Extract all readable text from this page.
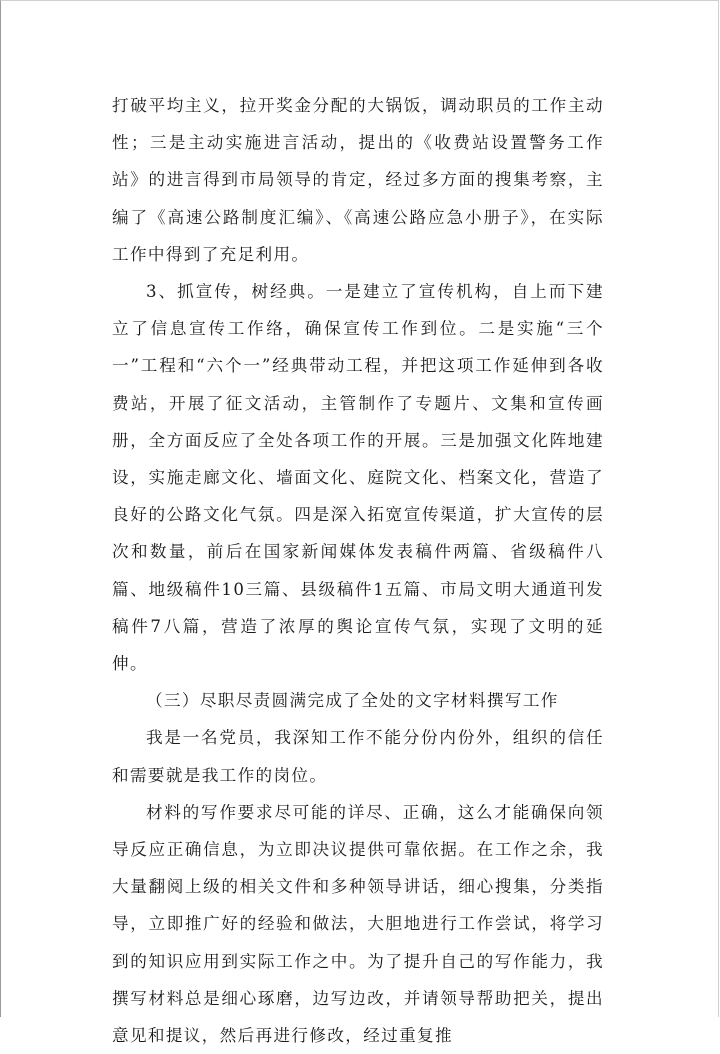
打破平均主义，拉开奖金分配的大锅饭，调动职员的工作主动性；三是主动实施进言活动，提出的《收费站设置警务工作站》的进言得到市局领导的肯定，经过多方面的搜集考察，主编了《高速公路制度汇编》、《高速公路应急小册子》，在实际工作中得到了充足利用。

3、抓宣传，树经典。一是建立了宣传机构，自上而下建立了信息宣传工作络，确保宣传工作到位。二是实施“三个一”工程和“六个一”经典带动工程，并把这项工作延伸到各收费站，开展了征文活动，主管制作了专题片、文集和宣传画册，全方面反应了全处各项工作的开展。三是加强文化阵地建设，实施走廊文化、墙面文化、庭院文化、档案文化，营造了良好的公路文化气氛。四是深入拓宽宣传渠道，扩大宣传的层次和数量，前后在国家新闻媒体发表稿件两篇、省级稿件八篇、地级稿件10三篇、县级稿件1五篇、市局文明大通道刊发稿件7八篇，营造了浓厚的舆论宣传气氛，实现了文明的延伸。

（三）尽职尽责圆满完成了全处的文字材料撰写工作

我是一名党员，我深知工作不能分份内份外，组织的信任和需要就是我工作的岗位。

材料的写作要求尽可能的详尽、正确，这么才能确保向领导反应正确信息，为立即决议提供可靠依据。在工作之余，我大量翻阅上级的相关文件和多种领导讲话，细心搜集，分类指导，立即推广好的经验和做法，大胆地进行工作尝试，将学习到的知识应用到实际工作之中。为了提升自己的写作能力，我撰写材料总是细心琢磨，边写边改，并请领导帮助把关，提出意见和提议，然后再进行修改，经过重复推
